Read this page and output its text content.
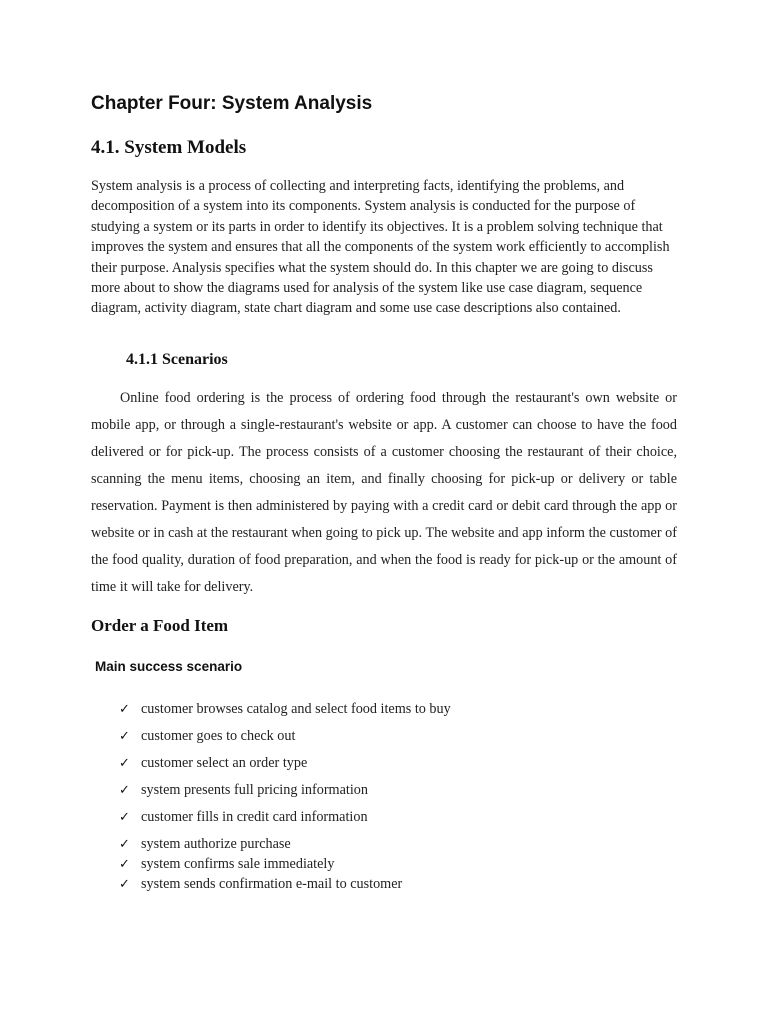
Chapter Four: System Analysis
4.1. System Models

System analysis is a process of collecting and interpreting facts, identifying the problems, and decomposition of a system into its components. System analysis is conducted for the purpose of studying a system or its parts in order to identify its objectives. It is a problem solving technique that improves the system and ensures that all the components of the system work efficiently to accomplish their purpose. Analysis specifies what the system should do. In this chapter we are going to discuss more about to show the diagrams used for analysis of the system like use case diagram, sequence diagram, activity diagram, state chart diagram and some use case descriptions also contained.

4.1.1 Scenarios

Online food ordering is the process of ordering food through the restaurant's own website or mobile app, or through a single-restaurant's website or app. A customer can choose to have the food delivered or for pick-up. The process consists of a customer choosing the restaurant of their choice, scanning the menu items, choosing an item, and finally choosing for pick-up or delivery or table reservation. Payment is then administered by paying with a credit card or debit card through the app or website or in cash at the restaurant when going to pick up. The website and app inform the customer of the food quality, duration of food preparation, and when the food is ready for pick-up or the amount of time it will take for delivery.

Order a Food Item
Main success scenario
✓ customer browses catalog and select food items to buy
✓ customer goes to check out
✓ customer select an order type
✓ system presents full pricing information
✓ customer fills in credit card information
✓ system authorize purchase
✓ system confirms sale immediately
✓ system sends confirmation e-mail to customer
